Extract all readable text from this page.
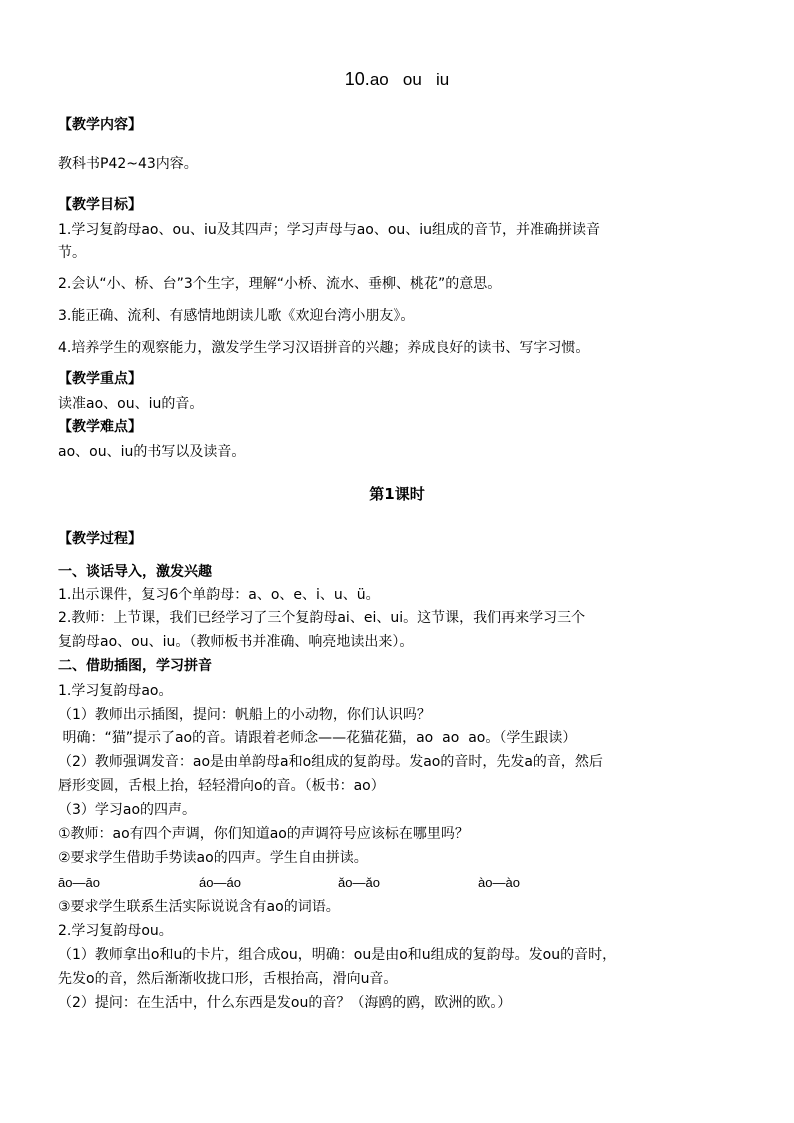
10.ao   ou   iu
【教学内容】
教科书P42~43内容。
【教学目标】
1.学习复韵母ao、ou、iu及其四声；学习声母与ao、ou、iu组成的音节，并准确拼读音
节。
2.会认“小、桥、台”3个生字，理解“小桥、流水、垂柳、桃花”的意思。
3.能正确、流利、有感情地朗读儿歌《欢迎台湾小朋友》。
4.培养学生的观察能力，激发学生学习汉语拼音的兴趣；养成良好的读书、写字习惯。
【教学重点】
读准ao、ou、iu的音。
【教学难点】
ao、ou、iu的书写以及读音。
第1课时
【教学过程】
一、谈话导入，激发兴趣
1.出示课件，复习6个单韵母：a、o、e、i、u、ü。
2.教师：上节课，我们已经学习了三个复韵母ai、ei、ui。这节课，我们再来学习三个
复韵母ao、ou、iu。（教师板书并准确、响亮地读出来）。
二、借助插图，学习拼音
1.学习复韵母ao。
（1）教师出示插图，提问：帆船上的小动物，你们认识吗？
明确：“猫”提示了ao的音。请跟着老师念——花猫花猫，ao  ao  ao。（学生跟读）
（2）教师强调发音：ao是由单韵母a和o组成的复韵母。发ao的音时，先发a的音，然后
唇形变圆，舌根上抬，轻轻滑向o的音。（板书：ao）
（3）学习ao的四声。
①教师：ao有四个声调，你们知道ao的声调符号应该标在哪里吗？
②要求学生借助手势读ao的四声。学生自由拼读。
āo—āo	áo—áo	ǎo—ǎo	ào—ào
③要求学生联系生活实际说说含有ao的词语。
2.学习复韵母ou。
（1）教师拿出o和u的卡片，组合成ou，明确：ou是由o和u组成的复韵母。发ou的音时，
先发o的音，然后渐渐收拢口形，舌根抬高，滑向u音。
（2）提问：在生活中，什么东西是发ou的音？（海鸥的鸥，欧洲的欧。）
